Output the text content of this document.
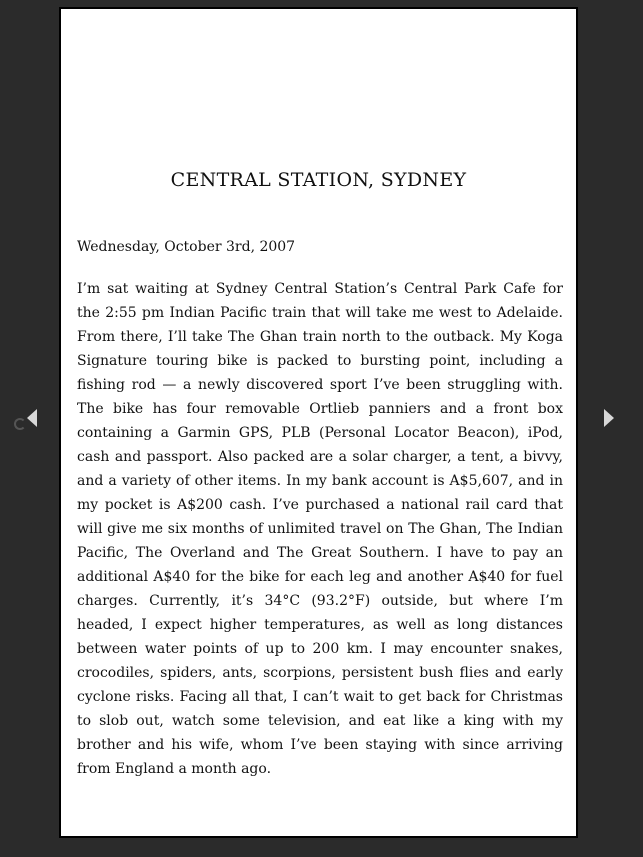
CENTRAL STATION, SYDNEY

Wednesday, October 3rd, 2007

I’m sat waiting at Sydney Central Station’s Central Park Cafe for the 2:55 pm Indian Pacific train that will take me west to Adelaide. From there, I’ll take The Ghan train north to the outback. My Koga Signature touring bike is packed to bursting point, including a fishing rod — a newly discovered sport I’ve been struggling with. The bike has four removable Ortlieb panniers and a front box containing a Garmin GPS, PLB (Personal Locator Beacon), iPod, cash and passport. Also packed are a solar charger, a tent, a bivvy, and a variety of other items. In my bank account is A$5,607, and in my pocket is A$200 cash. I’ve purchased a national rail card that will give me six months of unlimited travel on The Ghan, The Indian Pacific, The Overland and The Great Southern. I have to pay an additional A$40 for the bike for each leg and another A$40 for fuel charges. Currently, it’s 34°C (93.2°F) outside, but where I’m headed, I expect higher temperatures, as well as long distances between water points of up to 200 km. I may encounter snakes, crocodiles, spiders, ants, scorpions, persistent bush flies and early cyclone risks. Facing all that, I can’t wait to get back for Christmas to slob out, watch some television, and eat like a king with my brother and his wife, whom I’ve been staying with since arriving from England a month ago.
